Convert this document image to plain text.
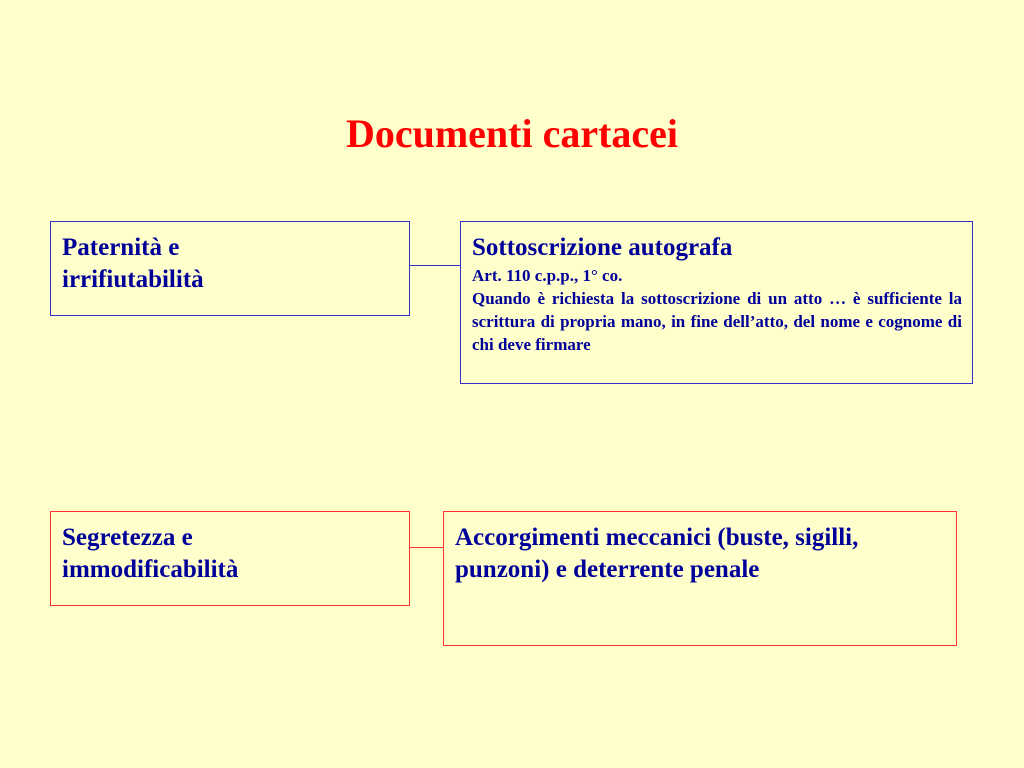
Documenti cartacei
Paternità e
irrifiutabilità
Sottoscrizione autografa
Art. 110 c.p.p., 1° co.
Quando è richiesta la sottoscrizione di un atto … è sufficiente la scrittura di propria mano, in fine dell’atto, del nome e cognome di chi deve firmare
Segretezza e
immodificabilità
Accorgimenti meccanici (buste, sigilli, punzoni) e deterrente penale
